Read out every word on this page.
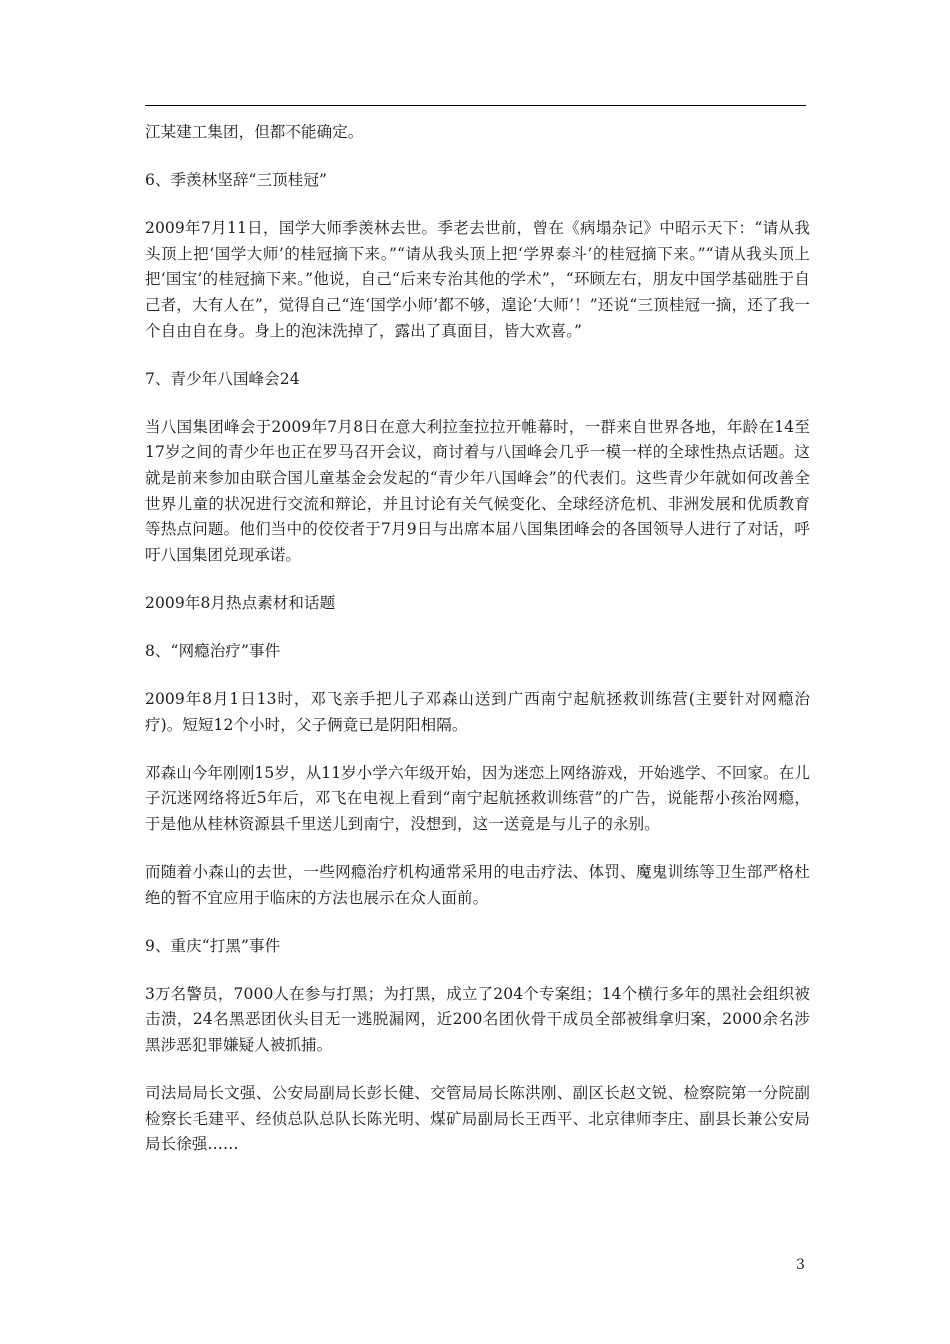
江某建工集团，但都不能确定。

6、季羡林坚辞“三顶桂冠”

2009年7月11日，国学大师季羡林去世。季老去世前，曾在《病塌杂记》中昭示天下：“请从我头顶上把‘国学大师’的桂冠摘下来。”“请从我头顶上把‘学界泰斗’的桂冠摘下来。”“请从我头顶上把‘国宝’的桂冠摘下来。”他说，自己“后来专治其他的学术”，“环顾左右，朋友中国学基础胜于自己者，大有人在”，觉得自己“连‘国学小师’都不够，遑论‘大师’！”还说“三顶桂冠一摘，还了我一个自由自在身。身上的泡沫洗掉了，露出了真面目，皆大欢喜。”

7、青少年八国峰会24

当八国集团峰会于2009年7月8日在意大利拉奎拉拉开帷幕时，一群来自世界各地，年龄在14至17岁之间的青少年也正在罗马召开会议，商讨着与八国峰会几乎一模一样的全球性热点话题。这就是前来参加由联合国儿童基金会发起的“青少年八国峰会”的代表们。这些青少年就如何改善全世界儿童的状况进行交流和辩论，并且讨论有关气候变化、全球经济危机、非洲发展和优质教育等热点问题。他们当中的佼佼者于7月9日与出席本届八国集团峰会的各国领导人进行了对话，呼吁八国集团兑现承诺。

2009年8月热点素材和话题

8、“网瘾治疗”事件

2009年8月1日13时，邓飞亲手把儿子邓森山送到广西南宁起航拯救训练营(主要针对网瘾治疗)。短短12个小时，父子俩竟已是阴阳相隔。

邓森山今年刚刚15岁，从11岁小学六年级开始，因为迷恋上网络游戏，开始逃学、不回家。在儿子沉迷网络将近5年后，邓飞在电视上看到“南宁起航拯救训练营”的广告，说能帮小孩治网瘾，于是他从桂林资源县千里送儿到南宁，没想到，这一送竟是与儿子的永别。

而随着小森山的去世，一些网瘾治疗机构通常采用的电击疗法、体罚、魔鬼训练等卫生部严格杜绝的暂不宜应用于临床的方法也展示在众人面前。

9、重庆“打黑”事件

3万名警员，7000人在参与打黑；为打黑，成立了204个专案组；14个横行多年的黑社会组织被击溃，24名黑恶团伙头目无一逃脱漏网，近200名团伙骨干成员全部被缉拿归案，2000余名涉黑涉恶犯罪嫌疑人被抓捕。

司法局局长文强、公安局副局长彭长健、交管局局长陈洪刚、副区长赵文锐、检察院第一分院副检察长毛建平、经侦总队总队长陈光明、煤矿局副局长王西平、北京律师李庄、副县长兼公安局局长徐强……

3
